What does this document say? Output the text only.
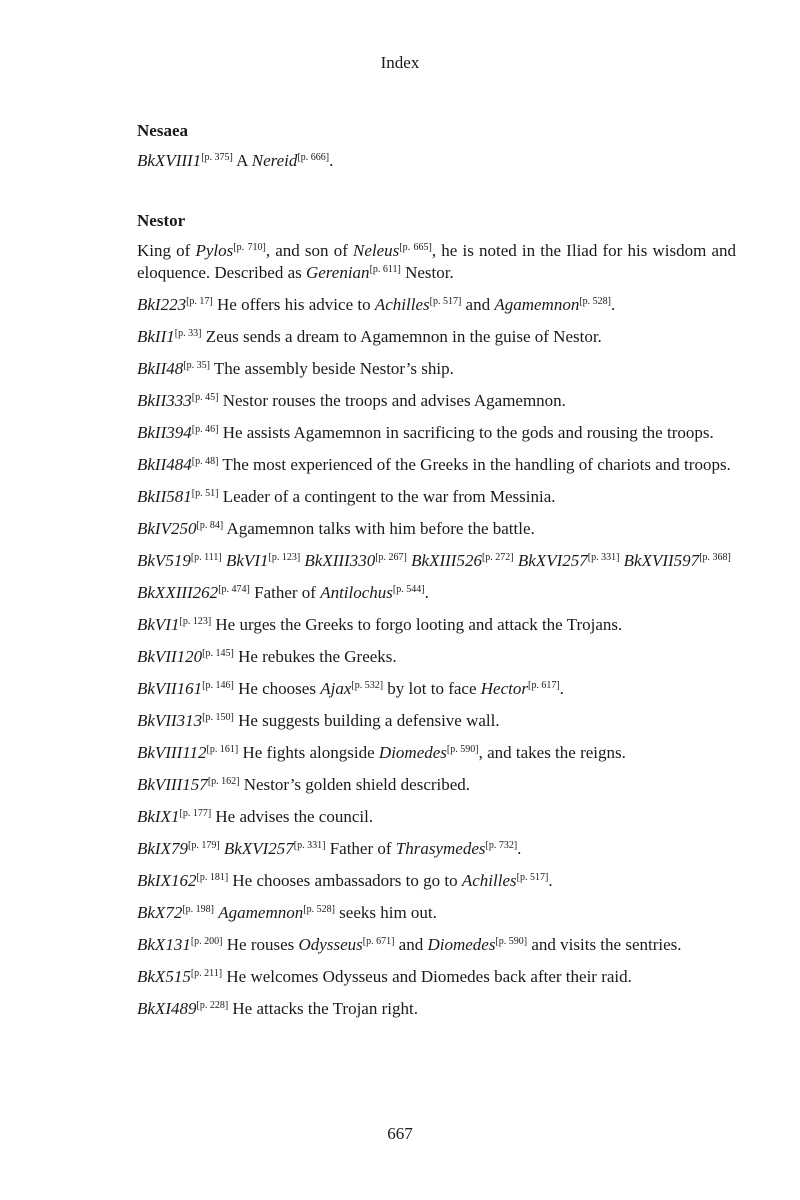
Index
Nesaea
BkXVIII1[p. 375] A Nereid[p. 666].
Nestor
King of Pylos[p. 710], and son of Neleus[p. 665], he is noted in the Iliad for his wisdom and eloquence. Described as Gerenian[p. 611] Nestor.
BkI223[p. 17] He offers his advice to Achilles[p. 517] and Agamemnon[p. 528].
BkII1[p. 33] Zeus sends a dream to Agamemnon in the guise of Nestor.
BkII48[p. 35] The assembly beside Nestor’s ship.
BkII333[p. 45] Nestor rouses the troops and advises Agamemnon.
BkII394[p. 46] He assists Agamemnon in sacrificing to the gods and rousing the troops.
BkII484[p. 48] The most experienced of the Greeks in the handling of chariots and troops.
BkII581[p. 51] Leader of a contingent to the war from Messinia.
BkIV250[p. 84] Agamemnon talks with him before the battle.
BkV519[p. 111] BkVI1[p. 123] BkXIII330[p. 267] BkXIII526[p. 272] BkXVI257[p. 331] BkXVII597[p. 368]
BkXXIII262[p. 474] Father of Antilochus[p. 544].
BkVI1[p. 123] He urges the Greeks to forgo looting and attack the Trojans.
BkVII120[p. 145] He rebukes the Greeks.
BkVII161[p. 146] He chooses Ajax[p. 532] by lot to face Hector[p. 617].
BkVII313[p. 150] He suggests building a defensive wall.
BkVIII112[p. 161] He fights alongside Diomedes[p. 590], and takes the reigns.
BkVIII157[p. 162] Nestor’s golden shield described.
BkIX1[p. 177] He advises the council.
BkIX79[p. 179] BkXVI257[p. 331] Father of Thrasymedes[p. 732].
BkIX162[p. 181] He chooses ambassadors to go to Achilles[p. 517].
BkX72[p. 198] Agamemnon[p. 528] seeks him out.
BkX131[p. 200] He rouses Odysseus[p. 671] and Diomedes[p. 590] and visits the sentries.
BkX515[p. 211] He welcomes Odysseus and Diomedes back after their raid.
BkXI489[p. 228] He attacks the Trojan right.
667
